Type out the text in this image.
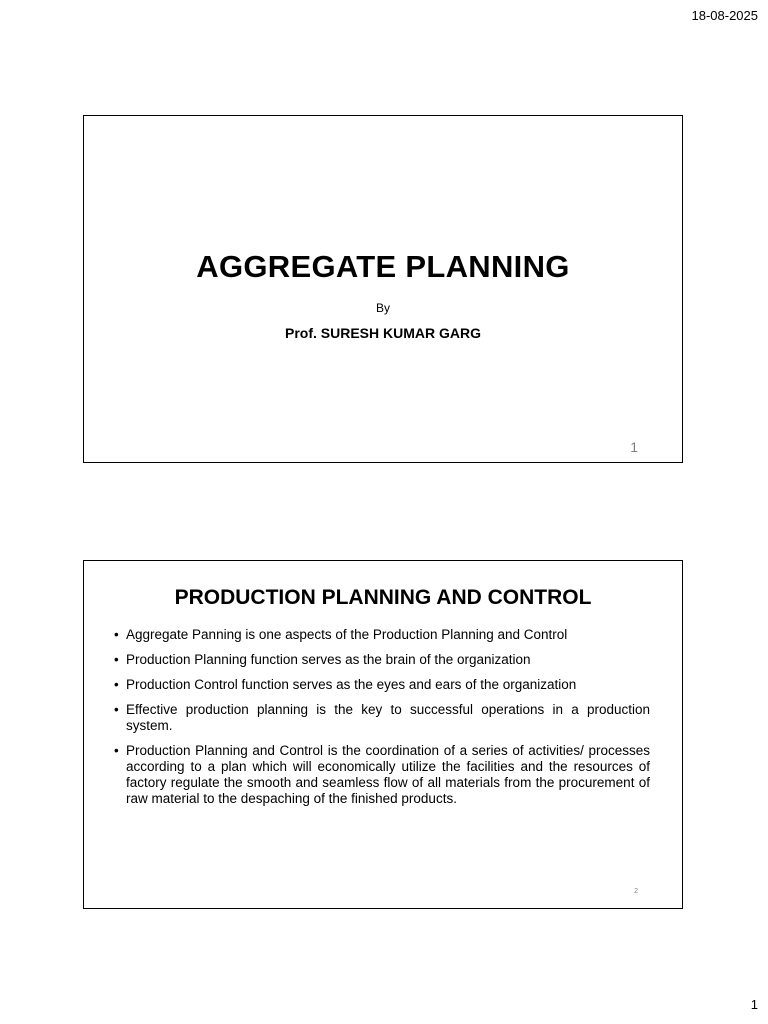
18-08-2025
AGGREGATE PLANNING
By
Prof. SURESH KUMAR GARG
1
PRODUCTION PLANNING AND CONTROL
• Aggregate Panning is one aspects of the Production Planning and Control
• Production Planning function serves as the brain of the organization
• Production Control function serves as the eyes and ears of the organization
• Effective production planning is the key to successful operations in a production system.
• Production Planning and Control is the coordination of a series of activities/ processes according to a plan which will economically utilize the facilities and the resources of factory regulate the smooth and seamless flow of all materials from the procurement of raw material to the despaching of the finished products.
2
1
